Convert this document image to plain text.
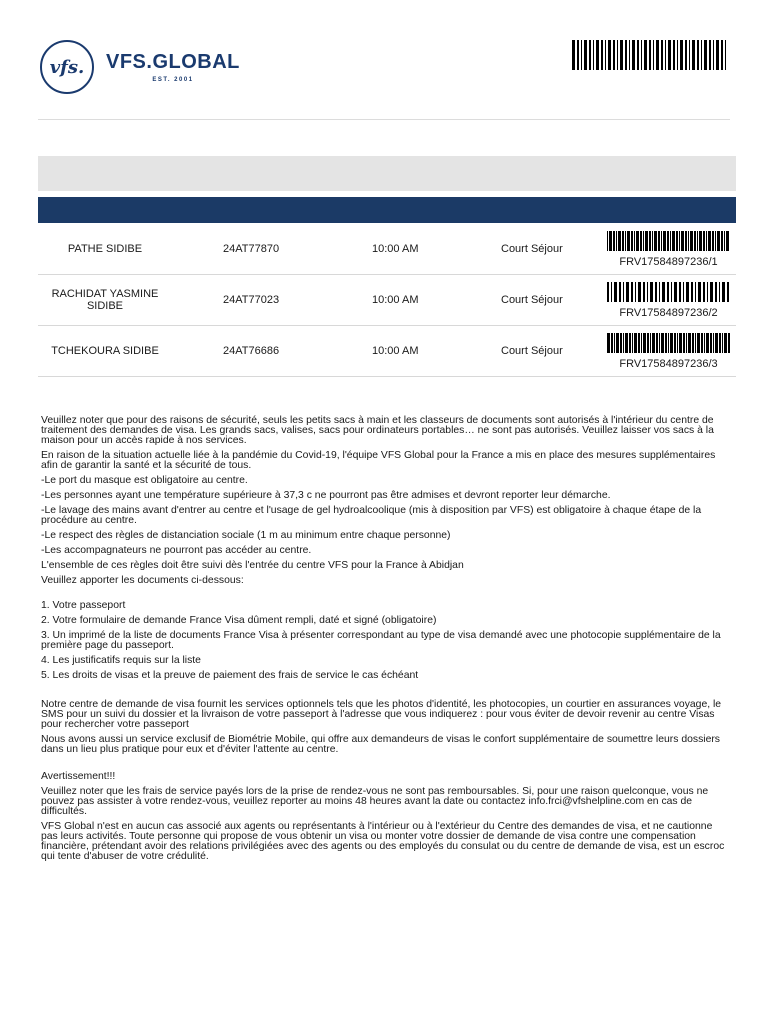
vfs.	VFS.GLOBAL
EST. 2001
PATHE SIDIBE	24AT77870	10:00 AM	Court Séjour
FRV17584897236/1
RACHIDAT YASMINE SIDIBE	24AT77023	10:00 AM	Court Séjour
FRV17584897236/2
TCHEKOURA SIDIBE	24AT76686	10:00 AM	Court Séjour
FRV17584897236/3

Veuillez noter que pour des raisons de sécurité, seuls les petits sacs à main et les classeurs de documents sont autorisés à l'intérieur du centre de traitement des demandes de visa. Les grands sacs, valises, sacs pour ordinateurs portables… ne sont pas autorisés. Veuillez laisser vos sacs à la maison pour un accès rapide à nos services.

En raison de la situation actuelle liée à la pandémie du Covid-19, l'équipe VFS Global pour la France a mis en place des mesures supplémentaires afin de garantir la santé et la sécurité de tous.

-Le port du masque est obligatoire au centre.

-Les personnes ayant une température supérieure à 37,3 c ne pourront pas être admises et devront reporter leur démarche.

-Le lavage des mains avant d'entrer au centre et l'usage de gel hydroalcoolique (mis à disposition par VFS) est obligatoire à chaque étape de la procédure au centre.

-Le respect des règles de distanciation sociale (1 m au minimum entre chaque personne)

-Les accompagnateurs ne pourront pas accéder au centre.

L'ensemble de ces règles doit être suivi dès l'entrée du centre VFS pour la France à Abidjan

Veuillez apporter les documents ci-dessous:

1. Votre passeport

2. Votre formulaire de demande France Visa dûment rempli, daté et signé (obligatoire)

3. Un imprimé de la liste de documents France Visa à présenter correspondant au type de visa demandé avec une photocopie supplémentaire de la première page du passeport.

4. Les justificatifs requis sur la liste

5. Les droits de visas et la preuve de paiement des frais de service le cas échéant

Notre centre de demande de visa fournit les services optionnels tels que les photos d'identité, les photocopies, un courtier en assurances voyage, le SMS pour un suivi du dossier et la livraison de votre passeport à l'adresse que vous indiquerez : pour vous éviter de devoir revenir au centre Visas pour rechercher votre passeport

Nous avons aussi un service exclusif de Biométrie Mobile, qui offre aux demandeurs de visas le confort supplémentaire de soumettre leurs dossiers dans un lieu plus pratique pour eux et d'éviter l'attente au centre.

Avertissement!!!

Veuillez noter que les frais de service payés lors de la prise de rendez-vous ne sont pas remboursables. Si, pour une raison quelconque, vous ne pouvez pas assister à votre rendez-vous, veuillez reporter au moins 48 heures avant la date ou contactez info.frci@vfshelpline.com en cas de difficultés.

VFS Global n'est en aucun cas associé aux agents ou représentants à l'intérieur ou à l'extérieur du Centre des demandes de visa, et ne cautionne pas leurs activités. Toute personne qui propose de vous obtenir un visa ou monter votre dossier de demande de visa contre une compensation financière, prétendant avoir des relations privilégiées avec des agents ou des employés du consulat ou du centre de demande de visa, est un escroc qui tente d'abuser de votre crédulité.
